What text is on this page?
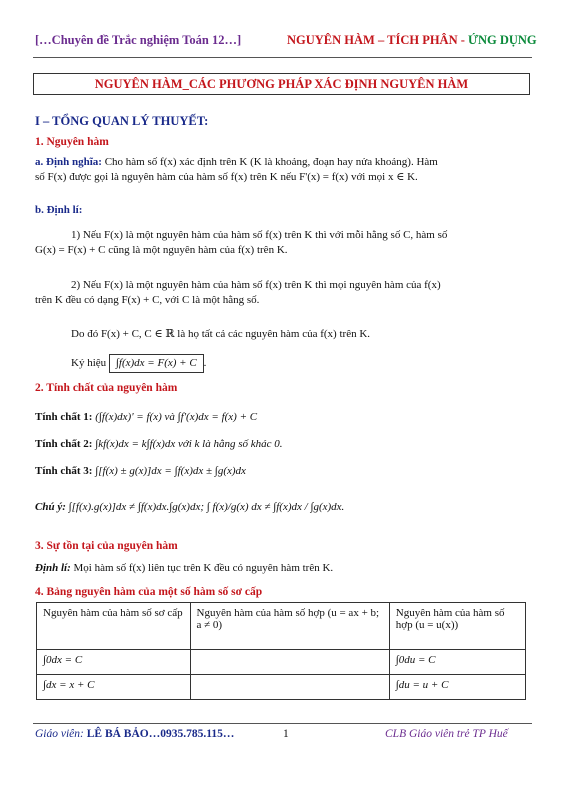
[…Chuyên đề Trắc nghiệm Toán 12…]	NGUYÊN HÀM – TÍCH PHÂN - ỨNG DỤNG
NGUYÊN HÀM_CÁC PHƯƠNG PHÁP XÁC ĐỊNH NGUYÊN HÀM
I – TỔNG QUAN LÝ THUYẾT:
1. Nguyên hàm
a. Định nghĩa: Cho hàm số f(x) xác định trên K (K là khoảng, đoạn hay nửa khoảng). Hàm
số F(x) được gọi là nguyên hàm của hàm số f(x) trên K nếu F'(x) = f(x) với mọi x ∈ K.
b. Định lí:
1) Nếu F(x) là một nguyên hàm của hàm số f(x) trên K thì với mỗi hằng số C, hàm số
G(x) = F(x) + C cũng là một nguyên hàm của f(x) trên K.
2) Nếu F(x) là một nguyên hàm của hàm số f(x) trên K thì mọi nguyên hàm của f(x)
trên K đều có dạng F(x) + C, với C là một hằng số.
Do đó F(x) + C, C ∈ ℝ là họ tất cả các nguyên hàm của f(x) trên K.
Ký hiệu ∫f(x)dx = F(x) + C .
2. Tính chất của nguyên hàm
Tính chất 1: (∫f(x)dx)' = f(x) và ∫f'(x)dx = f(x) + C
Tính chất 2: ∫kf(x)dx = k∫f(x)dx với k là hằng số khác 0.
Tính chất 3: ∫[f(x) ± g(x)]dx = ∫f(x)dx ± ∫g(x)dx
Chú ý: ∫[f(x).g(x)]dx ≠ ∫f(x)dx.∫g(x)dx; ∫ f(x)/g(x) dx ≠ ∫f(x)dx / ∫g(x)dx.
3. Sự tồn tại của nguyên hàm
Định lí: Mọi hàm số f(x) liên tục trên K đều có nguyên hàm trên K.
4. Bảng nguyên hàm của một số hàm số sơ cấp
Nguyên hàm của hàm số sơ cấp	Nguyên hàm của hàm số hợp (u = ax + b; a ≠ 0)	Nguyên hàm của hàm số hợp (u = u(x))
∫0dx = C		∫0du = C
∫dx = x + C		∫du = u + C
Giáo viên: LÊ BÁ BẢO…0935.785.115…	1	CLB Giáo viên trẻ TP Huế
